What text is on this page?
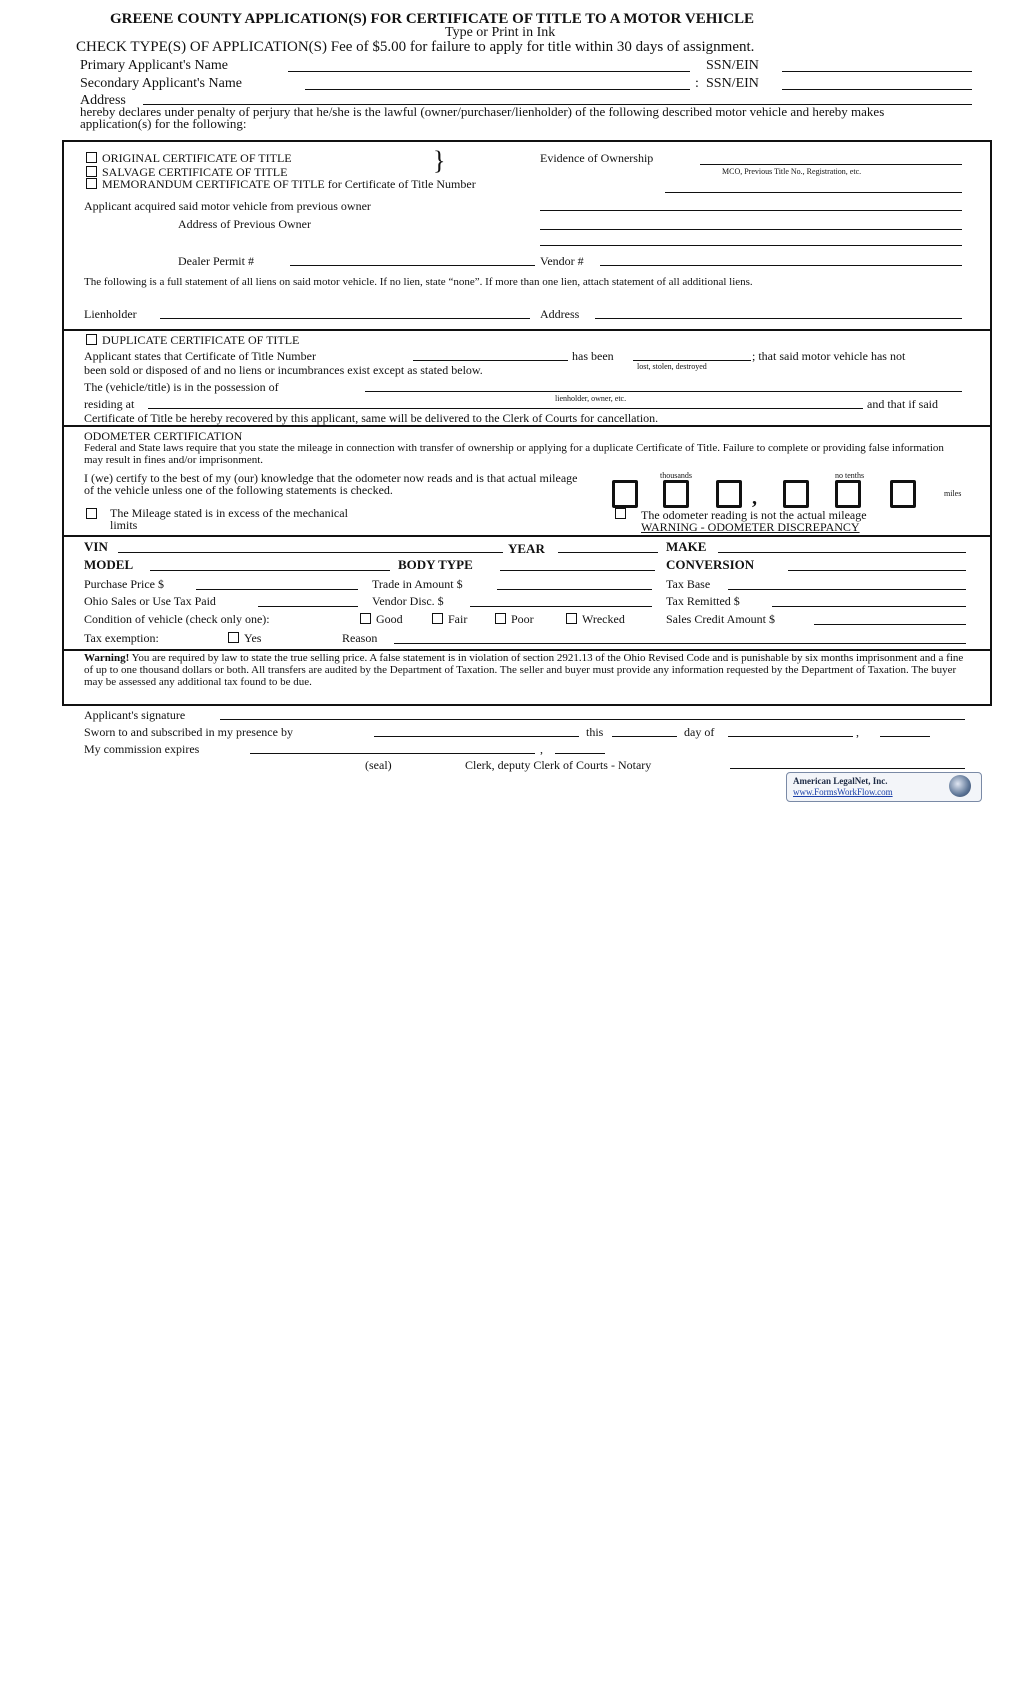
GREENE COUNTY APPLICATION(S) FOR CERTIFICATE OF TITLE TO A MOTOR VEHICLE
Type or Print in Ink
CHECK TYPE(S) OF APPLICATION(S) Fee of $5.00 for failure to apply for title within 30 days of assignment.
Primary Applicant's Name	SSN/EIN
Secondary Applicant's Name	: SSN/EIN
Address
hereby declares under penalty of perjury that he/she is the lawful (owner/purchaser/lienholder) of the following described motor vehicle and hereby makes application(s) for the following:
ORIGINAL CERTIFICATE OF TITLE
SALVAGE CERTIFICATE OF TITLE
MEMORANDUM CERTIFICATE OF TITLE for Certificate of Title Number
}	Evidence of Ownership
MCO, Previous Title No., Registration, etc.
Applicant acquired said motor vehicle from previous owner
Address of Previous Owner
Dealer Permit #	Vendor #
The following is a full statement of all liens on said motor vehicle. If no lien, state “none”. If more than one lien, attach statement of all additional liens.
Lienholder	Address
DUPLICATE CERTIFICATE OF TITLE
Applicant states that Certificate of Title Number	has been	; that said motor vehicle has not
lost, stolen, destroyed
been sold or disposed of and no liens or incumbrances exist except as stated below.
The (vehicle/title) is in the possession of
lienholder, owner, etc.
residing at	and that if said
Certificate of Title be hereby recovered by this applicant, same will be delivered to the Clerk of Courts for cancellation.
ODOMETER CERTIFICATION
Federal and State laws require that you state the mileage in connection with transfer of ownership or applying for a duplicate Certificate of Title. Failure to complete or providing false information may result in fines and/or imprisonment.
I (we) certify to the best of my (our) knowledge that the odometer now reads and is that actual mileage of the vehicle unless one of the following statements is checked.
thousands	no tenths
,	miles
The Mileage stated is in excess of the mechanical limits
The odometer reading is not the actual mileage
WARNING - ODOMETER DISCREPANCY
VIN	YEAR	MAKE
MODEL	BODY TYPE	CONVERSION
Purchase Price $	Trade in Amount $	Tax Base
Ohio Sales or Use Tax Paid	Vendor Disc. $	Tax Remitted $
Condition of vehicle (check only one):	Good	Fair	Poor	Wrecked	Sales Credit Amount $
Tax exemption:	Yes	Reason
Warning! You are required by law to state the true selling price. A false statement is in violation of section 2921.13 of the Ohio Revised Code and is punishable by six months imprisonment and a fine of up to one thousand dollars or both. All transfers are audited by the Department of Taxation. The seller and buyer must provide any information requested by the Department of Taxation. The buyer may be assessed any additional tax found to be due.
Applicant's signature
Sworn to and subscribed in my presence by	this	day of	,
My commission expires	,
(seal)	Clerk, deputy Clerk of Courts - Notary
American LegalNet, Inc.
www.FormsWorkFlow.com
